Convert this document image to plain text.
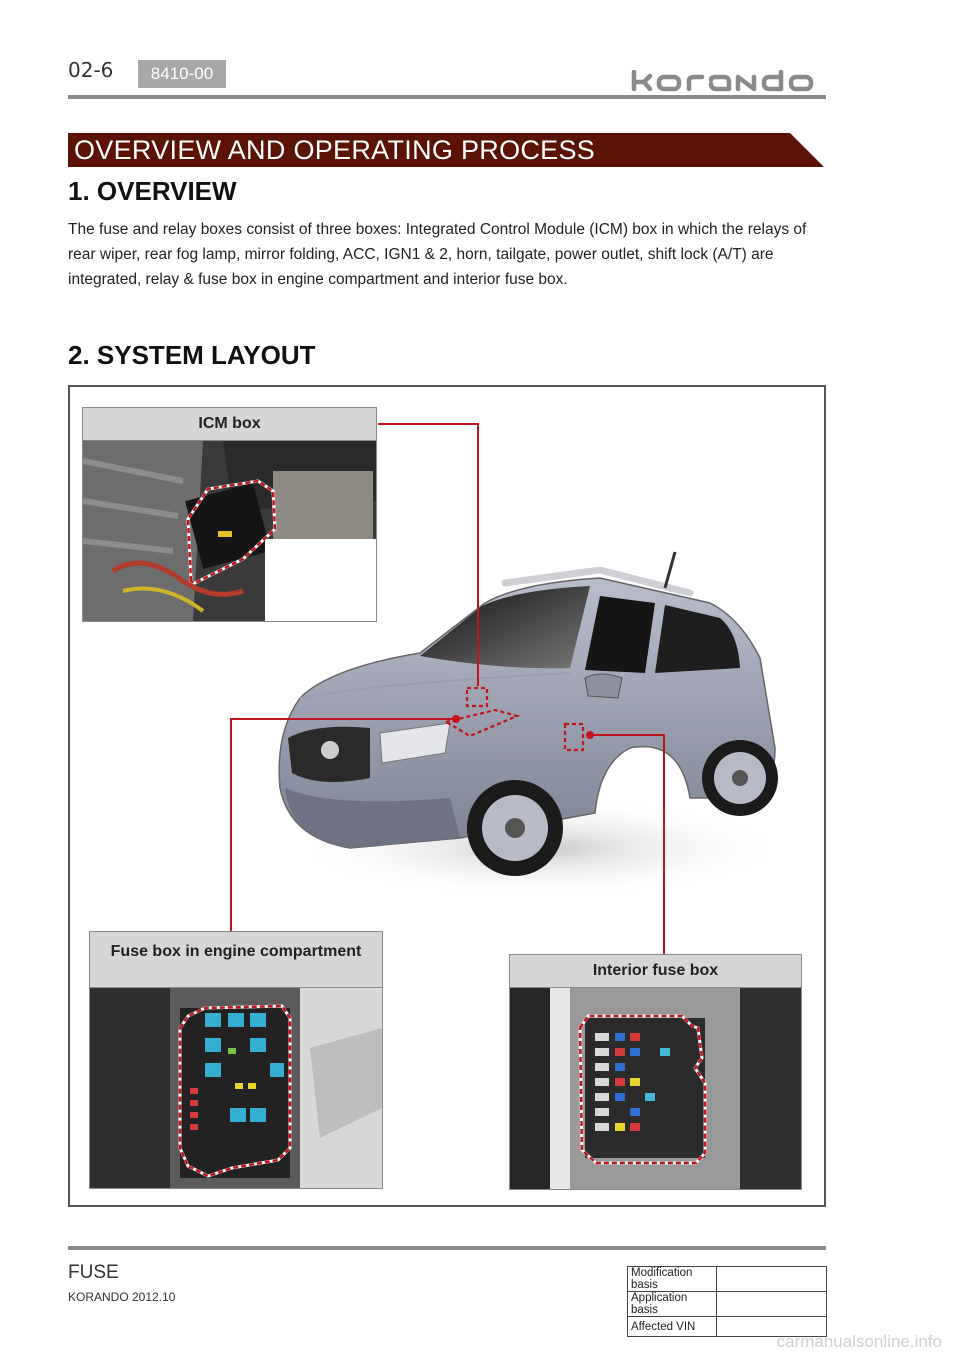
02-6	8410-00
OVERVIEW AND OPERATING PROCESS
1. OVERVIEW
The fuse and relay boxes consist of three boxes: Integrated Control Module (ICM) box in which the relays of rear wiper, rear fog lamp, mirror folding, ACC, IGN1 & 2, horn, tailgate, power outlet, shift lock (A/T) are integrated, relay & fuse box in engine compartment and interior fuse box.
2. SYSTEM LAYOUT
ICM box
Fuse box in engine compartment
Interior fuse box
FUSE
KORANDO 2012.10
Modification basis	
Application basis	
Affected VIN	
carmanualsonline.info
